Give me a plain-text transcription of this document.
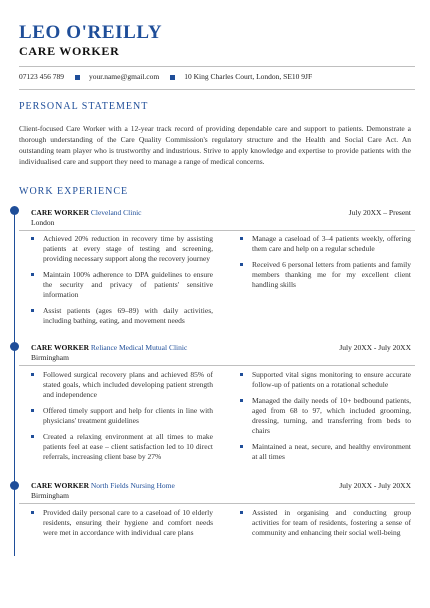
LEO O'REILLY
CARE WORKER
07123 456 789	your.name@gmail.com	10 King Charles Court, London, SE10 9JF
PERSONAL STATEMENT

Client-focused Care Worker with a 12-year track record of providing dependable care and support to patients. Demonstrate a thorough understanding of the Care Quality Commission's regulatory structure and the Health and Social Care Act. An outstanding team player who is trustworthy and industrious. Strive to apply knowledge and expertise to provide patients with the individualised care and support they need to manage a range of medical concerns.

WORK EXPERIENCE
CARE WORKER Cleveland Clinic	July 20XX – Present
London
Achieved 20% reduction in recovery time by assisting patients at every stage of testing and screening, providing necessary support along the recovery journey
Maintain 100% adherence to DPA guidelines to ensure the security and privacy of patients' sensitive information
Assist patients (ages 69–89) with daily activities, including bathing, eating, and movement needs
Manage a caseload of 3–4 patients weekly, offering them care and help on a regular schedule
Received 6 personal letters from patients and family members thanking me for my excellent client handling skills
CARE WORKER Reliance Medical Mutual Clinic	July 20XX - July 20XX
Birmingham
Followed surgical recovery plans and achieved 85% of stated goals, which included developing patient strength and independence
Offered timely support and help for clients in line with physicians' treatment guidelines
Created a relaxing environment at all times to make patients feel at ease – client satisfaction led to 10 direct referrals, increasing client base by 27%
Supported vital signs monitoring to ensure accurate follow-up of patients on a rotational schedule
Managed the daily needs of 10+ bedbound patients, aged from 68 to 97, which included grooming, dressing, turning, and transferring from beds to chairs
Maintained a neat, secure, and healthy environment at all times
CARE WORKER North Fields Nursing Home	July 20XX - July 20XX
Birmingham
Provided daily personal care to a caseload of 10 elderly residents, ensuring their hygiene and comfort needs were met in accordance with individual care plans
Assisted in organising and conducting group activities for team of residents, fostering a sense of community and enhancing their social well-being
